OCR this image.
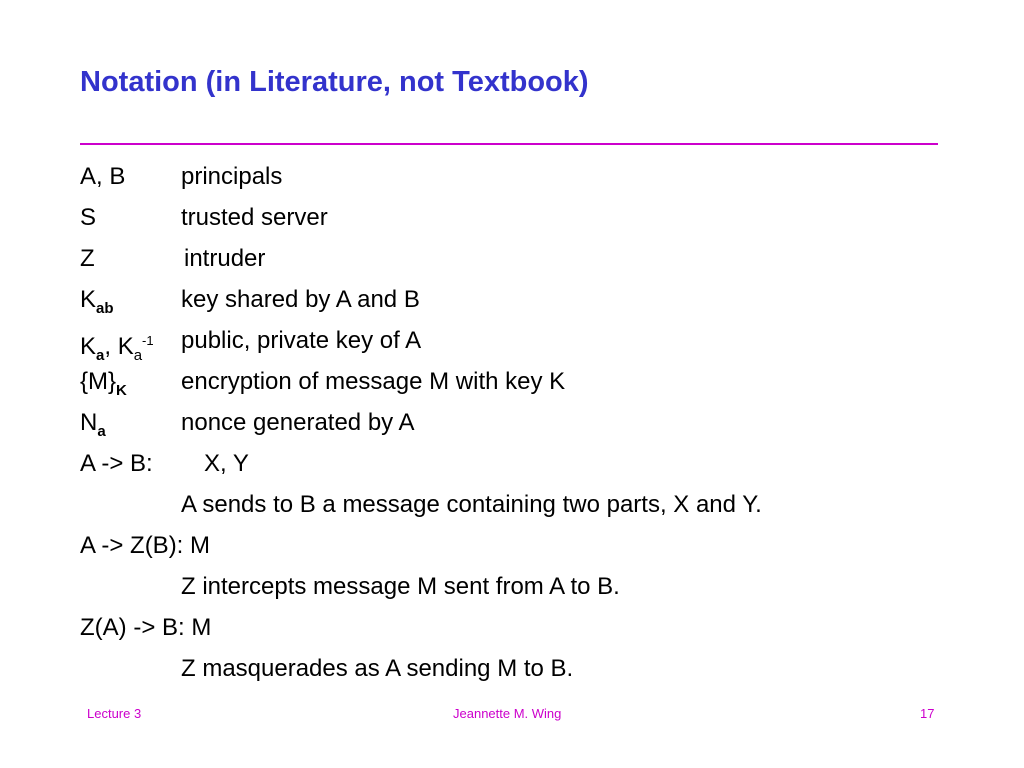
Notation (in Literature, not Textbook)
A, B principals
S	trusted server
Z	intruder
$K_{ab}$	key shared by A and B
$K_a$, $K_a^{-1}$ public, private key of A
$\{M\}_K$ encryption of message M with key K
$N_a$	nonce generated by A
A -> B: X, Y
A sends to B a message containing two parts, X and Y.
A -> Z(B): M
Z intercepts message M sent from A to B.
Z(A) -> B: M
Z masquerades as A sending M to B.
Lecture 3	Jeannette M. Wing	17
